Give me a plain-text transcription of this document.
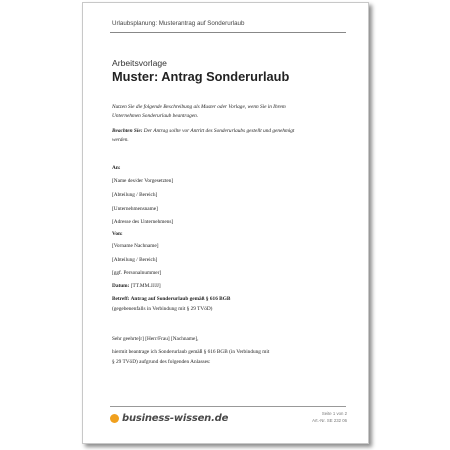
Urlaubsplanung: Musterantrag auf Sonderurlaub
Arbeitsvorlage
Muster: Antrag Sonderurlaub
Nutzen Sie die folgende Beschreibung als Muster oder Vorlage, wenn Sie in Ihrem Unternehmen Sonderurlaub beantragen.
Beachten Sie: Der Antrag sollte vor Antritt des Sonderurlaubs gestellt und genehmigt werden.
An:
[Name des/der Vorgesetzten]
[Abteilung / Bereich]
[Unternehmensname]
[Adresse des Unternehmens]
Von:
[Vorname Nachname]
[Abteilung / Bereich]
[ggf. Personalnummer]
Datum: [TT.MM.JJJJ]
Betreff: Antrag auf Sonderurlaub gemäß § 616 BGB
(gegebenenfalls in Verbindung mit § 29 TVöD)
Sehr geehrte[r] [Herr/Frau] [Nachname],
hiermit beantrage ich Sonderurlaub gemäß § 616 BGB (in Verbindung mit
§ 29 TVöD) aufgrund des folgenden Anlasses:
business-wissen.de	Seite 1 von 2
Art.-Nr. SE 232 06
